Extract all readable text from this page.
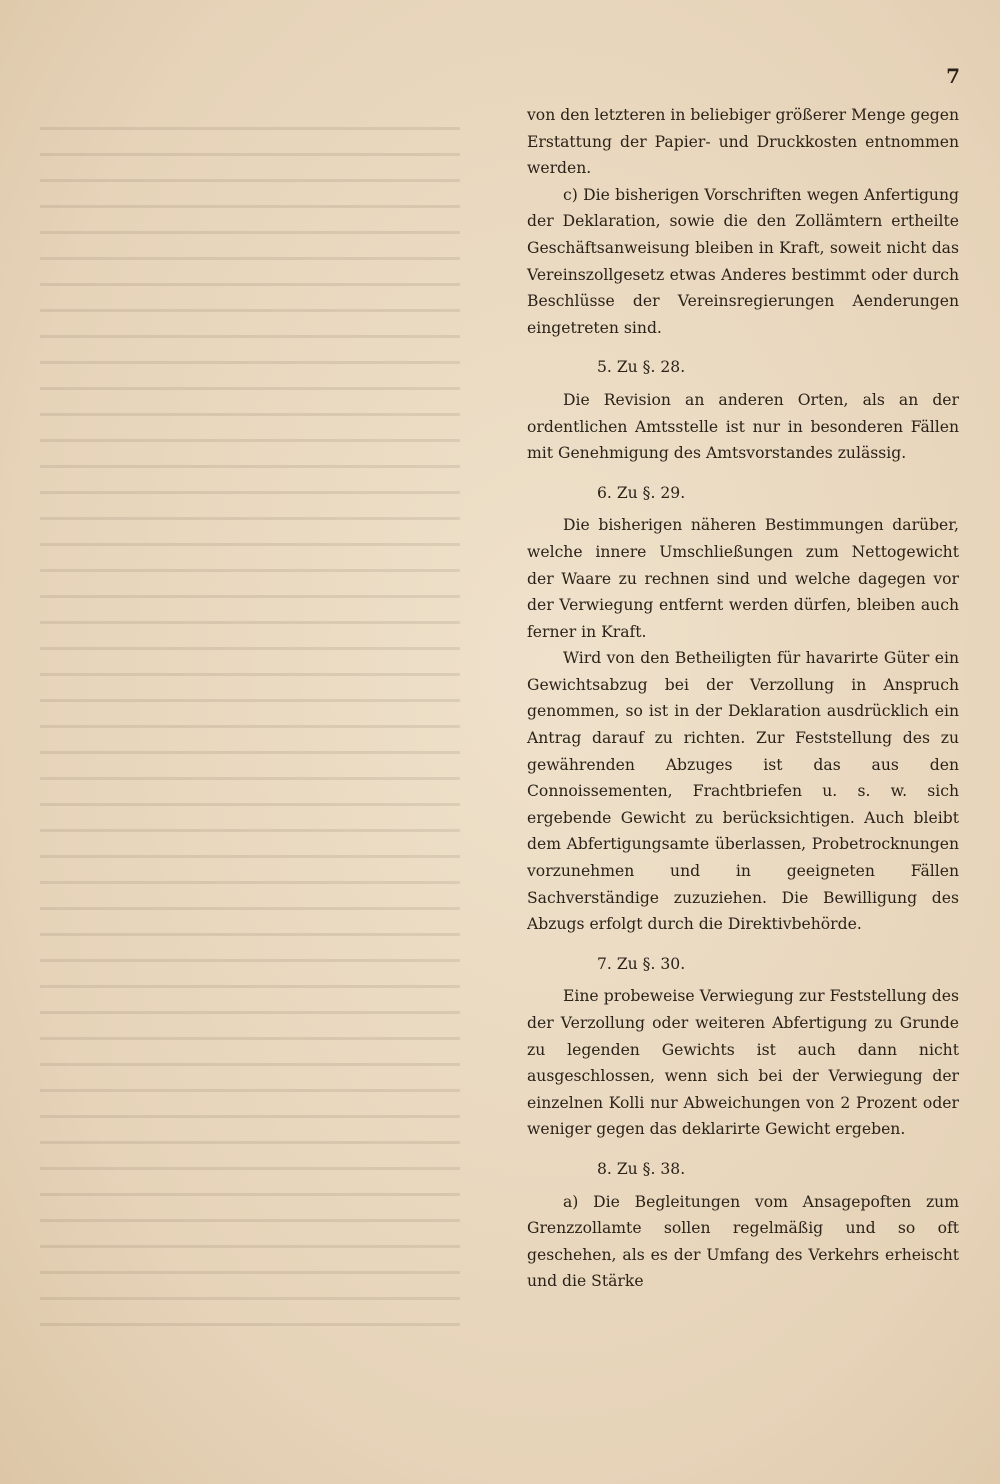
7

von den letzteren in beliebiger größerer Menge gegen Erstattung der Papier- und Druckkosten entnommen werden.

c) Die bisherigen Vorschriften wegen Anfertigung der Deklaration, sowie die den Zollämtern ertheilte Geschäftsanweisung bleiben in Kraft, soweit nicht das Vereinszollgesetz etwas Anderes bestimmt oder durch Beschlüsse der Vereinsregierungen Aenderungen eingetreten sind.

5. Zu §. 28.

Die Revision an anderen Orten, als an der ordentlichen Amtsstelle ist nur in besonderen Fällen mit Genehmigung des Amtsvorstandes zulässig.

6. Zu §. 29.

Die bisherigen näheren Bestimmungen darüber, welche innere Umschließungen zum Nettogewicht der Waare zu rechnen sind und welche dagegen vor der Verwiegung entfernt werden dürfen, bleiben auch ferner in Kraft.

Wird von den Betheiligten für havarirte Güter ein Gewichtsabzug bei der Verzollung in Anspruch genommen, so ist in der Deklaration ausdrücklich ein Antrag darauf zu richten. Zur Feststellung des zu gewährenden Abzuges ist das aus den Connoissementen, Frachtbriefen u. s. w. sich ergebende Gewicht zu berücksichtigen. Auch bleibt dem Abfertigungsamte überlassen, Probetrocknungen vorzunehmen und in geeigneten Fällen Sachverständige zuzuziehen. Die Bewilligung des Abzugs erfolgt durch die Direktivbehörde.

7. Zu §. 30.

Eine probeweise Verwiegung zur Feststellung des der Verzollung oder weiteren Abfertigung zu Grunde zu legenden Gewichts ist auch dann nicht ausgeschlossen, wenn sich bei der Verwiegung der einzelnen Kolli nur Abweichungen von 2 Prozent oder weniger gegen das deklarirte Gewicht ergeben.

8. Zu §. 38.

a) Die Begleitungen vom Ansagepoften zum Grenzzollamte sollen regelmäßig und so oft geschehen, als es der Umfang des Verkehrs erheischt und die Stärke
